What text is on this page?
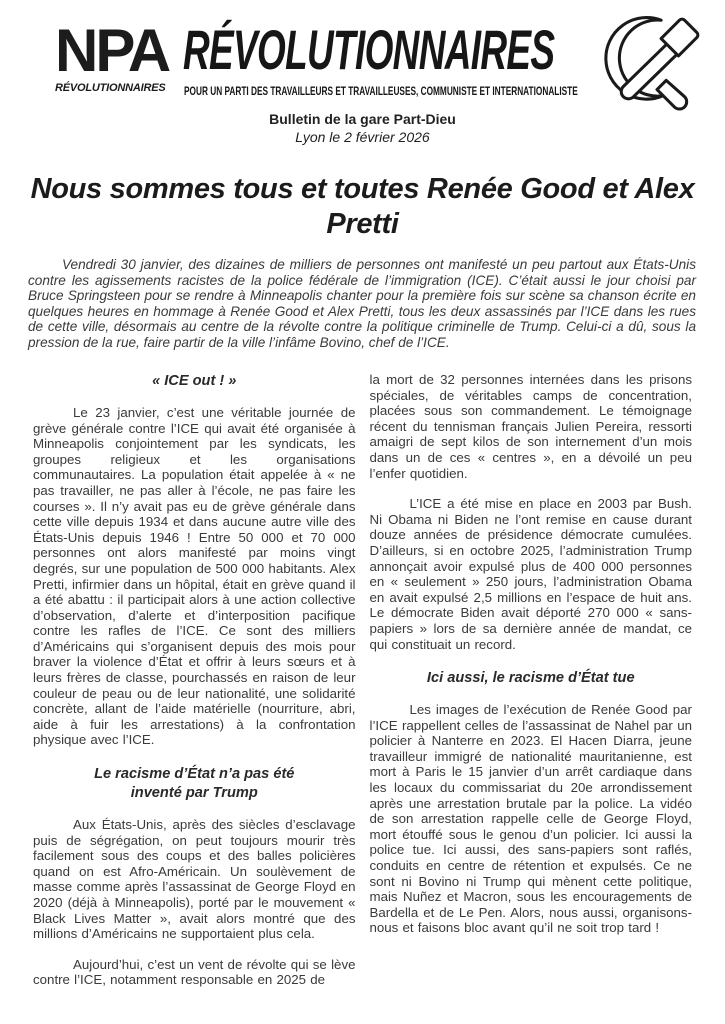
NPA
RÉVOLUTIONNAIRES
RÉVOLUTIONNAIRES
POUR UN PARTI DES TRAVAILLEURS ET TRAVAILLEUSES, COMMUNISTE ET INTERNATIONALISTE
Bulletin de la gare Part-Dieu
Lyon le 2 février 2026
Nous sommes tous et toutes Renée Good et Alex Pretti

Vendredi 30 janvier, des dizaines de milliers de personnes ont manifesté un peu partout aux États-Unis contre les agissements racistes de la police fédérale de l’immigration (ICE). C’était aussi le jour choisi par Bruce Springsteen pour se rendre à Minneapolis chanter pour la première fois sur scène sa chanson écrite en quelques heures en hommage à Renée Good et Alex Pretti, tous les deux assassinés par l’ICE dans les rues de cette ville, désormais au centre de la révolte contre la politique criminelle de Trump. Celui-ci a dû, sous la pression de la rue, faire partir de la ville l’infâme Bovino, chef de l’ICE.

« ICE out ! »

Le 23 janvier, c’est une véritable journée de grève générale contre l’ICE qui avait été organisée à Minneapolis conjointement par les syndicats, les groupes religieux et les organisations communautaires. La population était appelée à « ne pas travailler, ne pas aller à l’école, ne pas faire les courses ». Il n’y avait pas eu de grève générale dans cette ville depuis 1934 et dans aucune autre ville des États-Unis depuis 1946 ! Entre 50 000 et 70 000 personnes ont alors manifesté par moins vingt degrés, sur une population de 500 000 habitants. Alex Pretti, infirmier dans un hôpital, était en grève quand il a été abattu : il participait alors à une action collective d’observation, d’alerte et d’interposition pacifique contre les rafles de l’ICE. Ce sont des milliers d’Américains qui s’organisent depuis des mois pour braver la violence d’État et offrir à leurs sœurs et à leurs frères de classe, pourchassés en raison de leur couleur de peau ou de leur nationalité, une solidarité concrète, allant de l’aide matérielle (nourriture, abri, aide à fuir les arrestations) à la confrontation physique avec l’ICE.

Le racisme d’État n’a pas été inventé par Trump

Aux États-Unis, après des siècles d’esclavage puis de ségrégation, on peut toujours mourir très facilement sous des coups et des balles policières quand on est Afro-Américain. Un soulèvement de masse comme après l’assassinat de George Floyd en 2020 (déjà à Minneapolis), porté par le mouvement « Black Lives Matter », avait alors montré que des millions d’Américains ne supportaient plus cela.

Aujourd’hui, c’est un vent de révolte qui se lève contre l’ICE, notamment responsable en 2025 de

la mort de 32 personnes internées dans les prisons spéciales, de véritables camps de concentration, placées sous son commandement. Le témoignage récent du tennisman français Julien Pereira, ressorti amaigri de sept kilos de son internement d’un mois dans un de ces « centres », en a dévoilé un peu l’enfer quotidien.

L’ICE a été mise en place en 2003 par Bush. Ni Obama ni Biden ne l’ont remise en cause durant douze années de présidence démocrate cumulées. D’ailleurs, si en octobre 2025, l’administration Trump annonçait avoir expulsé plus de 400 000 personnes en « seulement » 250 jours, l’administration Obama en avait expulsé 2,5 millions en l’espace de huit ans. Le démocrate Biden avait déporté 270 000 « sans-papiers » lors de sa dernière année de mandat, ce qui constituait un record.

Ici aussi, le racisme d’État tue

Les images de l’exécution de Renée Good par l’ICE rappellent celles de l’assassinat de Nahel par un policier à Nanterre en 2023. El Hacen Diarra, jeune travailleur immigré de nationalité mauritanienne, est mort à Paris le 15 janvier d’un arrêt cardiaque dans les locaux du commissariat du 20e arrondissement après une arrestation brutale par la police. La vidéo de son arrestation rappelle celle de George Floyd, mort étouffé sous le genou d’un policier. Ici aussi la police tue. Ici aussi, des sans-papiers sont raflés, conduits en centre de rétention et expulsés. Ce ne sont ni Bovino ni Trump qui mènent cette politique, mais Nuñez et Macron, sous les encouragements de Bardella et de Le Pen. Alors, nous aussi, organisons-nous et faisons bloc avant qu’il ne soit trop tard !
